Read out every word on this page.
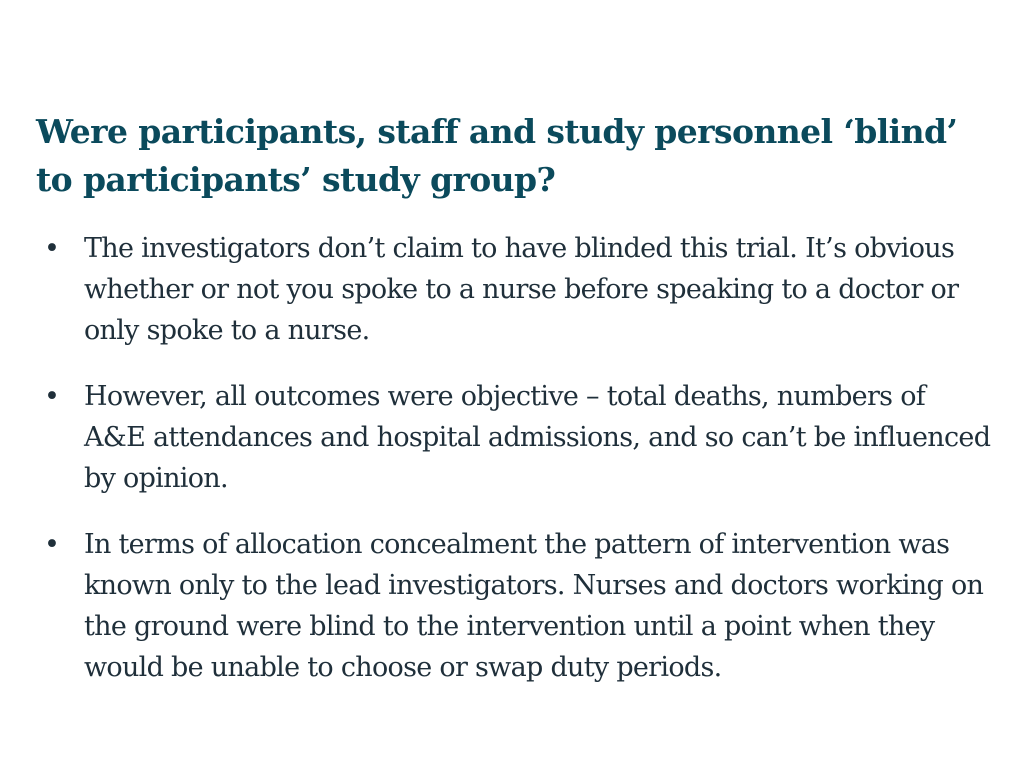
Were participants, staff and study personnel ‘blind’ to participants’ study group?
• The investigators don’t claim to have blinded this trial. It’s obvious whether or not you spoke to a nurse before speaking to a doctor or only spoke to a nurse.
• However, all outcomes were objective – total deaths, numbers of A&E attendances and hospital admissions, and so can’t be influenced by opinion.
• In terms of allocation concealment the pattern of intervention was known only to the lead investigators. Nurses and doctors working on the ground were blind to the intervention until a point when they would be unable to choose or swap duty periods.
